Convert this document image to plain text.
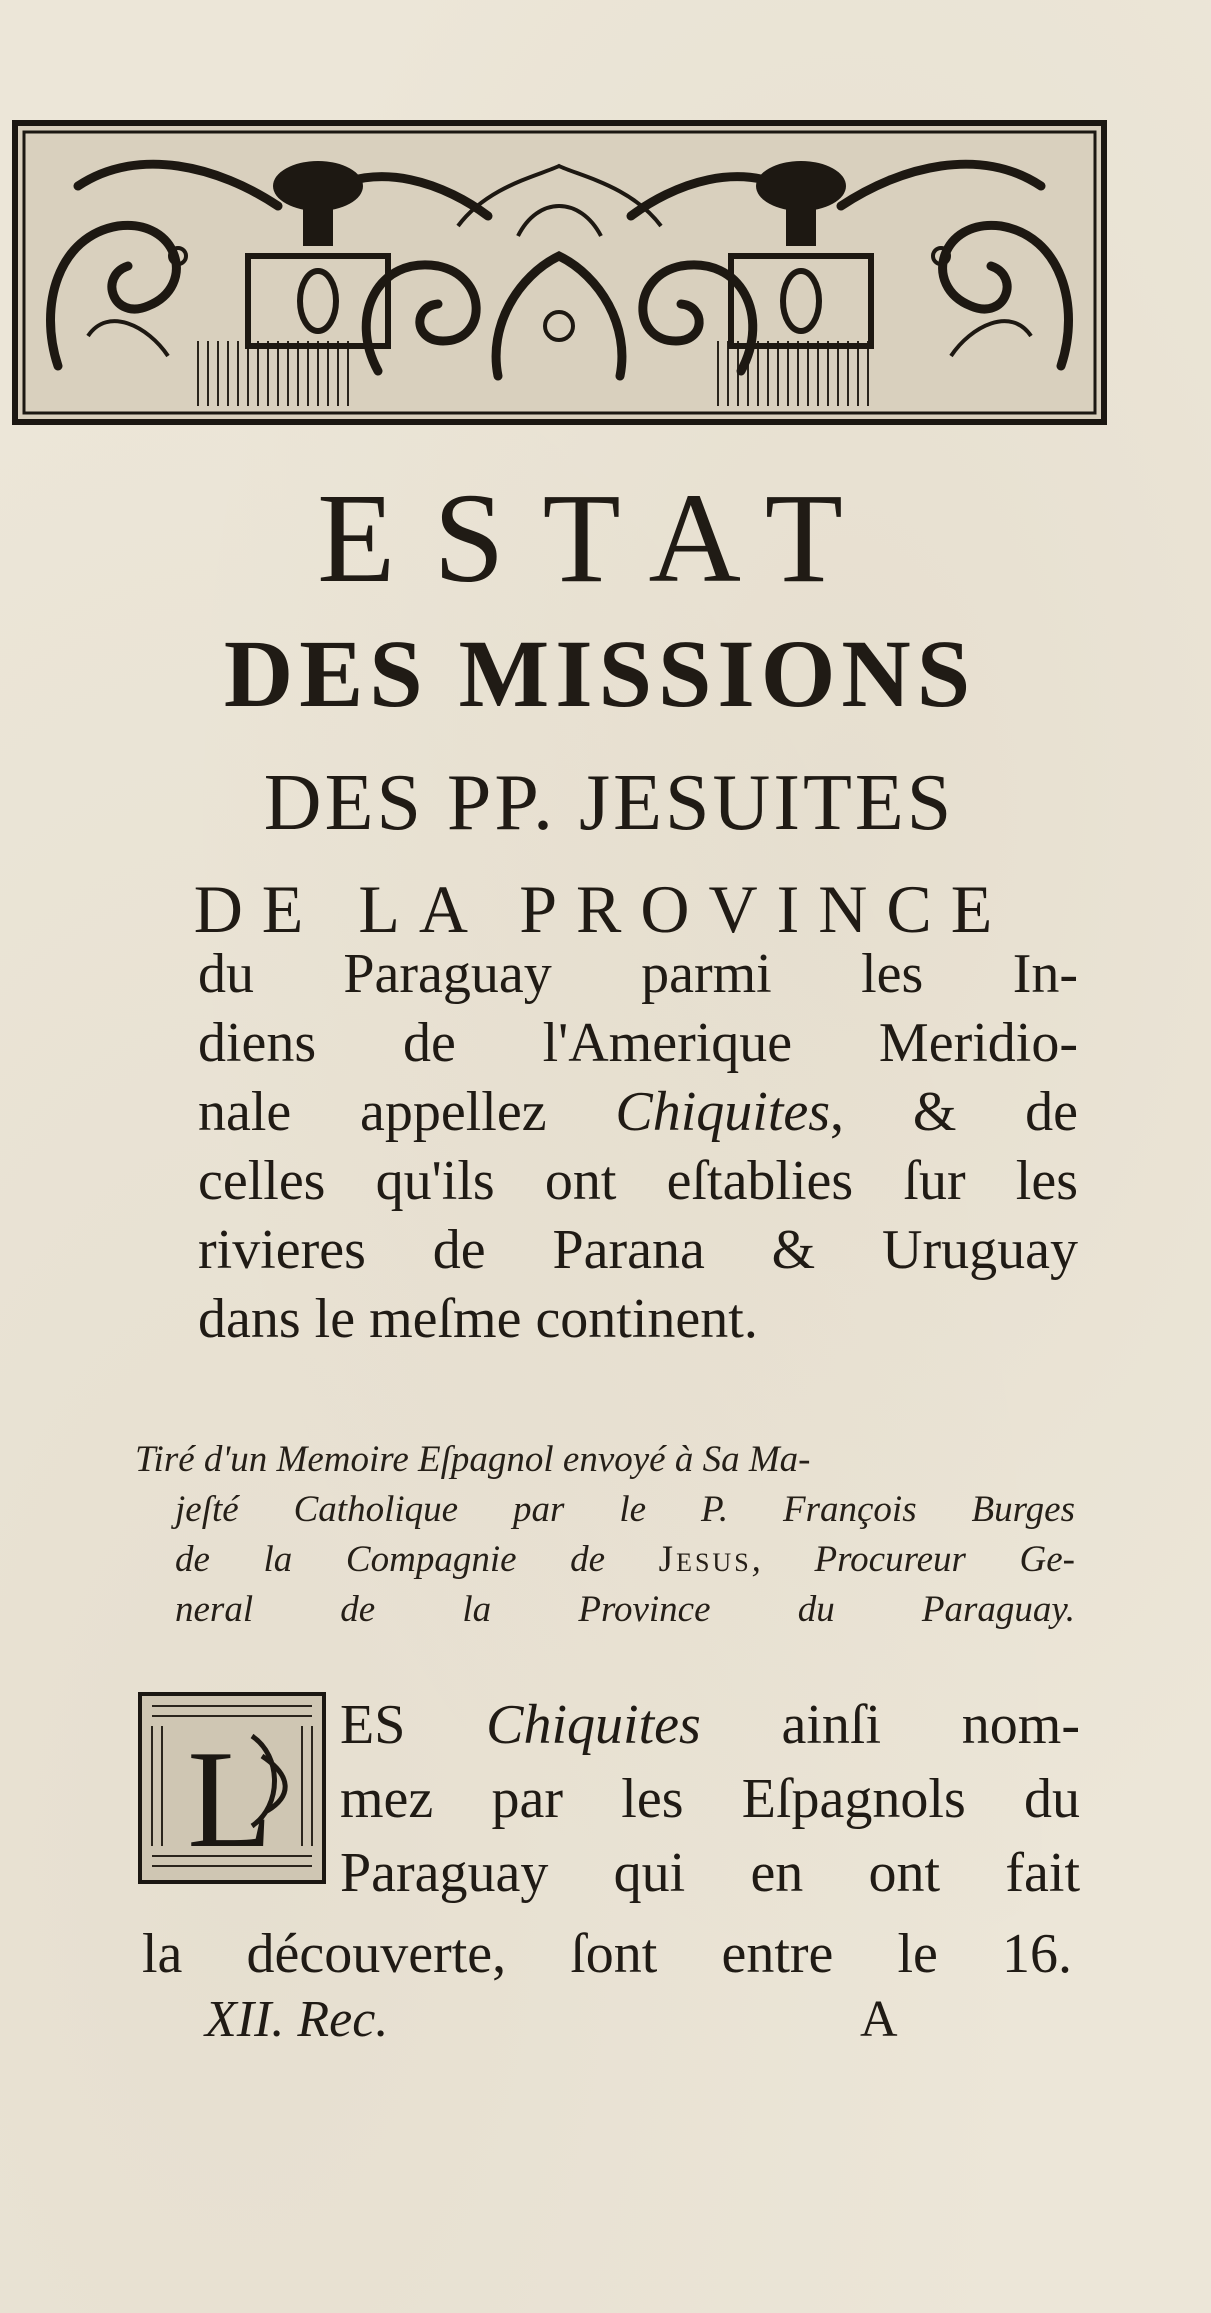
ESTAT
DES MISSIONS
DES PP. JESUITES
DE LA PROVINCE
du Paraguay parmi les In-
diens de l'Amerique Meridio-
nale appellez Chiquites, & de
celles qu'ils ont eſtablies ſur les
rivieres de Parana & Uruguay
dans le meſme continent.
Tiré d'un Memoire Eſpagnol envoyé à Sa Ma-
jeſté Catholique par le P. François Burges
de la Compagnie de Jesus, Procureur Ge-
neral de la Province du Paraguay.
L ES Chiquites ainſi nom-
mez par les Eſpagnols du
Paraguay qui en ont fait
la découverte, ſont entre le 16.
XII. Rec.	A
